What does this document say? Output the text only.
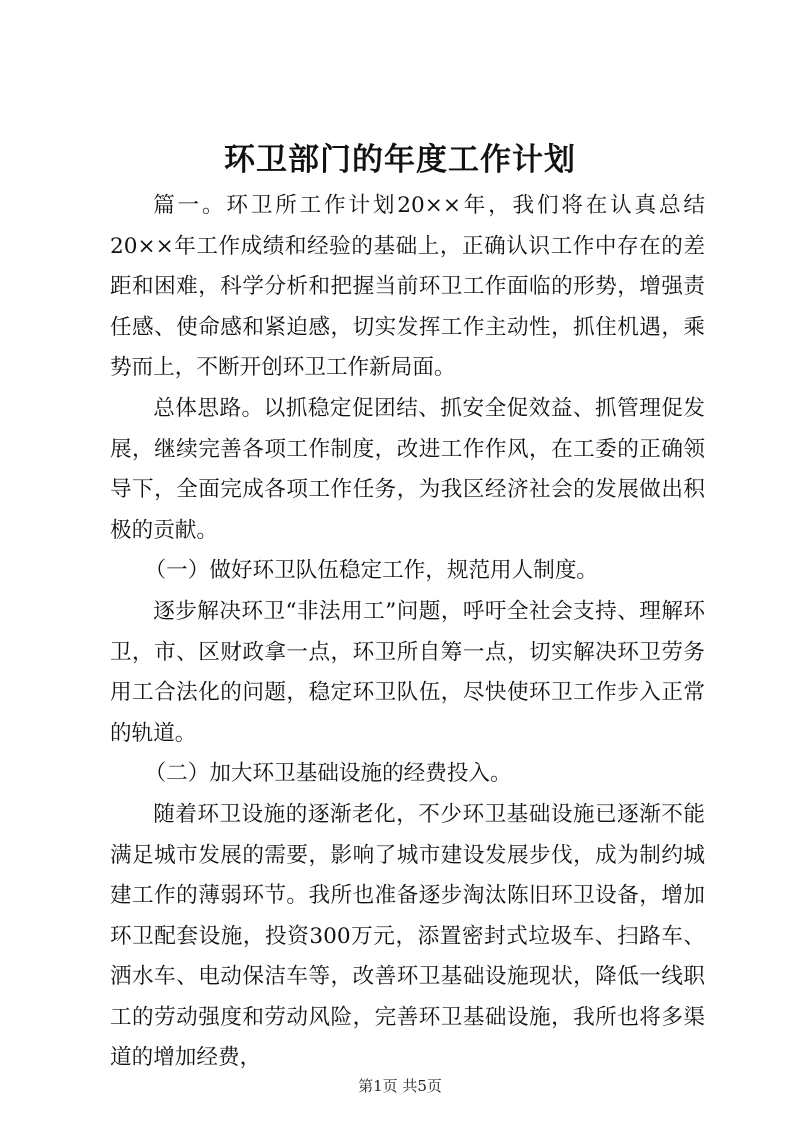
环卫部门的年度工作计划

篇一。环卫所工作计划20××年，我们将在认真总结20××年工作成绩和经验的基础上，正确认识工作中存在的差距和困难，科学分析和把握当前环卫工作面临的形势，增强责任感、使命感和紧迫感，切实发挥工作主动性，抓住机遇，乘势而上，不断开创环卫工作新局面。

总体思路。以抓稳定促团结、抓安全促效益、抓管理促发展，继续完善各项工作制度，改进工作作风，在工委的正确领导下，全面完成各项工作任务，为我区经济社会的发展做出积极的贡献。

（一）做好环卫队伍稳定工作，规范用人制度。

逐步解决环卫“非法用工”问题，呼吁全社会支持、理解环卫，市、区财政拿一点，环卫所自筹一点，切实解决环卫劳务用工合法化的问题，稳定环卫队伍，尽快使环卫工作步入正常的轨道。

（二）加大环卫基础设施的经费投入。

随着环卫设施的逐渐老化，不少环卫基础设施已逐渐不能满足城市发展的需要，影响了城市建设发展步伐，成为制约城建工作的薄弱环节。我所也准备逐步淘汰陈旧环卫设备，增加环卫配套设施，投资300万元，添置密封式垃圾车、扫路车、洒水车、电动保洁车等，改善环卫基础设施现状，降低一线职工的劳动强度和劳动风险，完善环卫基础设施，我所也将多渠道的增加经费，

第1页 共5页
